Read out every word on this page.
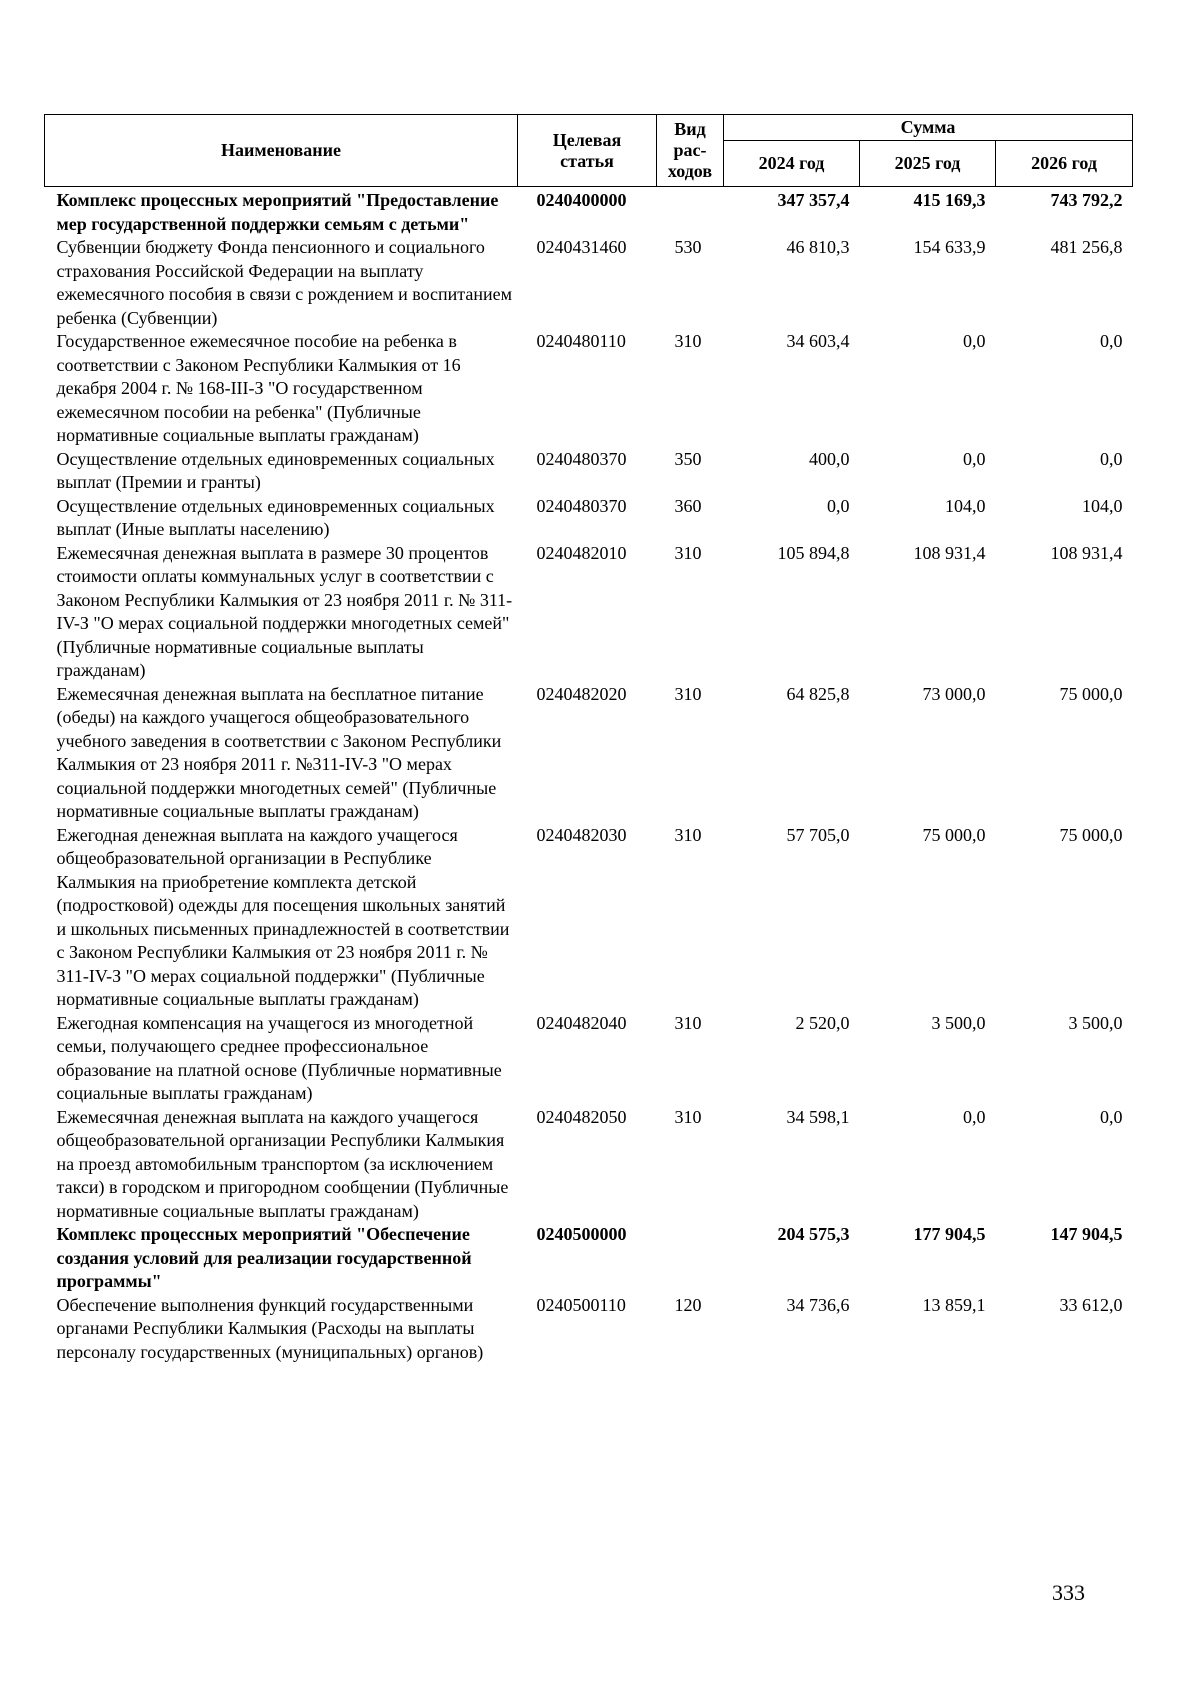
Наименование	Целевая статья	Вид рас-ходов	Сумма		
			2024 год	2025 год	2026 год
Комплекс процессных мероприятий "Предоставление мер государственной поддержки семьям с детьми"	0240400000		347 357,4	415 169,3	743 792,2
Субвенции бюджету Фонда пенсионного и социального страхования Российской Федерации на выплату ежемесячного пособия в связи с рождением и воспитанием ребенка (Субвенции)	0240431460	530	46 810,3	154 633,9	481 256,8
Государственное ежемесячное пособие на ребенка в соответствии с Законом Республики Калмыкия от 16 декабря 2004 г. № 168-III-З "О государственном ежемесячном пособии на ребенка" (Публичные нормативные социальные выплаты гражданам)	0240480110	310	34 603,4	0,0	0,0
Осуществление отдельных единовременных социальных выплат (Премии и гранты)	0240480370	350	400,0	0,0	0,0
Осуществление отдельных единовременных социальных выплат (Иные выплаты населению)	0240480370	360	0,0	104,0	104,0
Ежемесячная денежная выплата в размере 30 процентов стоимости оплаты коммунальных услуг в соответствии с Законом Республики Калмыкия от 23 ноября 2011 г. № 311-IV-З "О мерах социальной поддержки многодетных семей" (Публичные нормативные социальные выплаты гражданам)	0240482010	310	105 894,8	108 931,4	108 931,4
Ежемесячная денежная выплата на бесплатное питание (обеды) на каждого учащегося общеобразовательного учебного заведения в соответствии с Законом Республики Калмыкия от 23 ноября 2011 г. №311-IV-З "О мерах социальной поддержки многодетных семей" (Публичные нормативные социальные выплаты гражданам)	0240482020	310	64 825,8	73 000,0	75 000,0
Ежегодная денежная выплата на каждого учащегося общеобразовательной организации в Республике Калмыкия на приобретение комплекта детской (подростковой) одежды для посещения школьных занятий и школьных письменных принадлежностей в соответствии с Законом Республики Калмыкия от 23 ноября 2011 г. № 311-IV-З "О мерах социальной поддержки" (Публичные нормативные социальные выплаты гражданам)	0240482030	310	57 705,0	75 000,0	75 000,0
Ежегодная компенсация на учащегося из многодетной семьи, получающего среднее профессиональное образование на платной основе (Публичные нормативные социальные выплаты гражданам)	0240482040	310	2 520,0	3 500,0	3 500,0
Ежемесячная денежная выплата на каждого учащегося общеобразовательной организации Республики Калмыкия на проезд автомобильным транспортом (за исключением такси) в городском и пригородном сообщении (Публичные нормативные социальные выплаты гражданам)	0240482050	310	34 598,1	0,0	0,0
Комплекс процессных мероприятий "Обеспечение создания условий для реализации государственной программы"	0240500000		204 575,3	177 904,5	147 904,5
Обеспечение выполнения функций государственными органами Республики Калмыкия (Расходы на выплаты персоналу государственных (муниципальных) органов)	0240500110	120	34 736,6	13 859,1	33 612,0
333
